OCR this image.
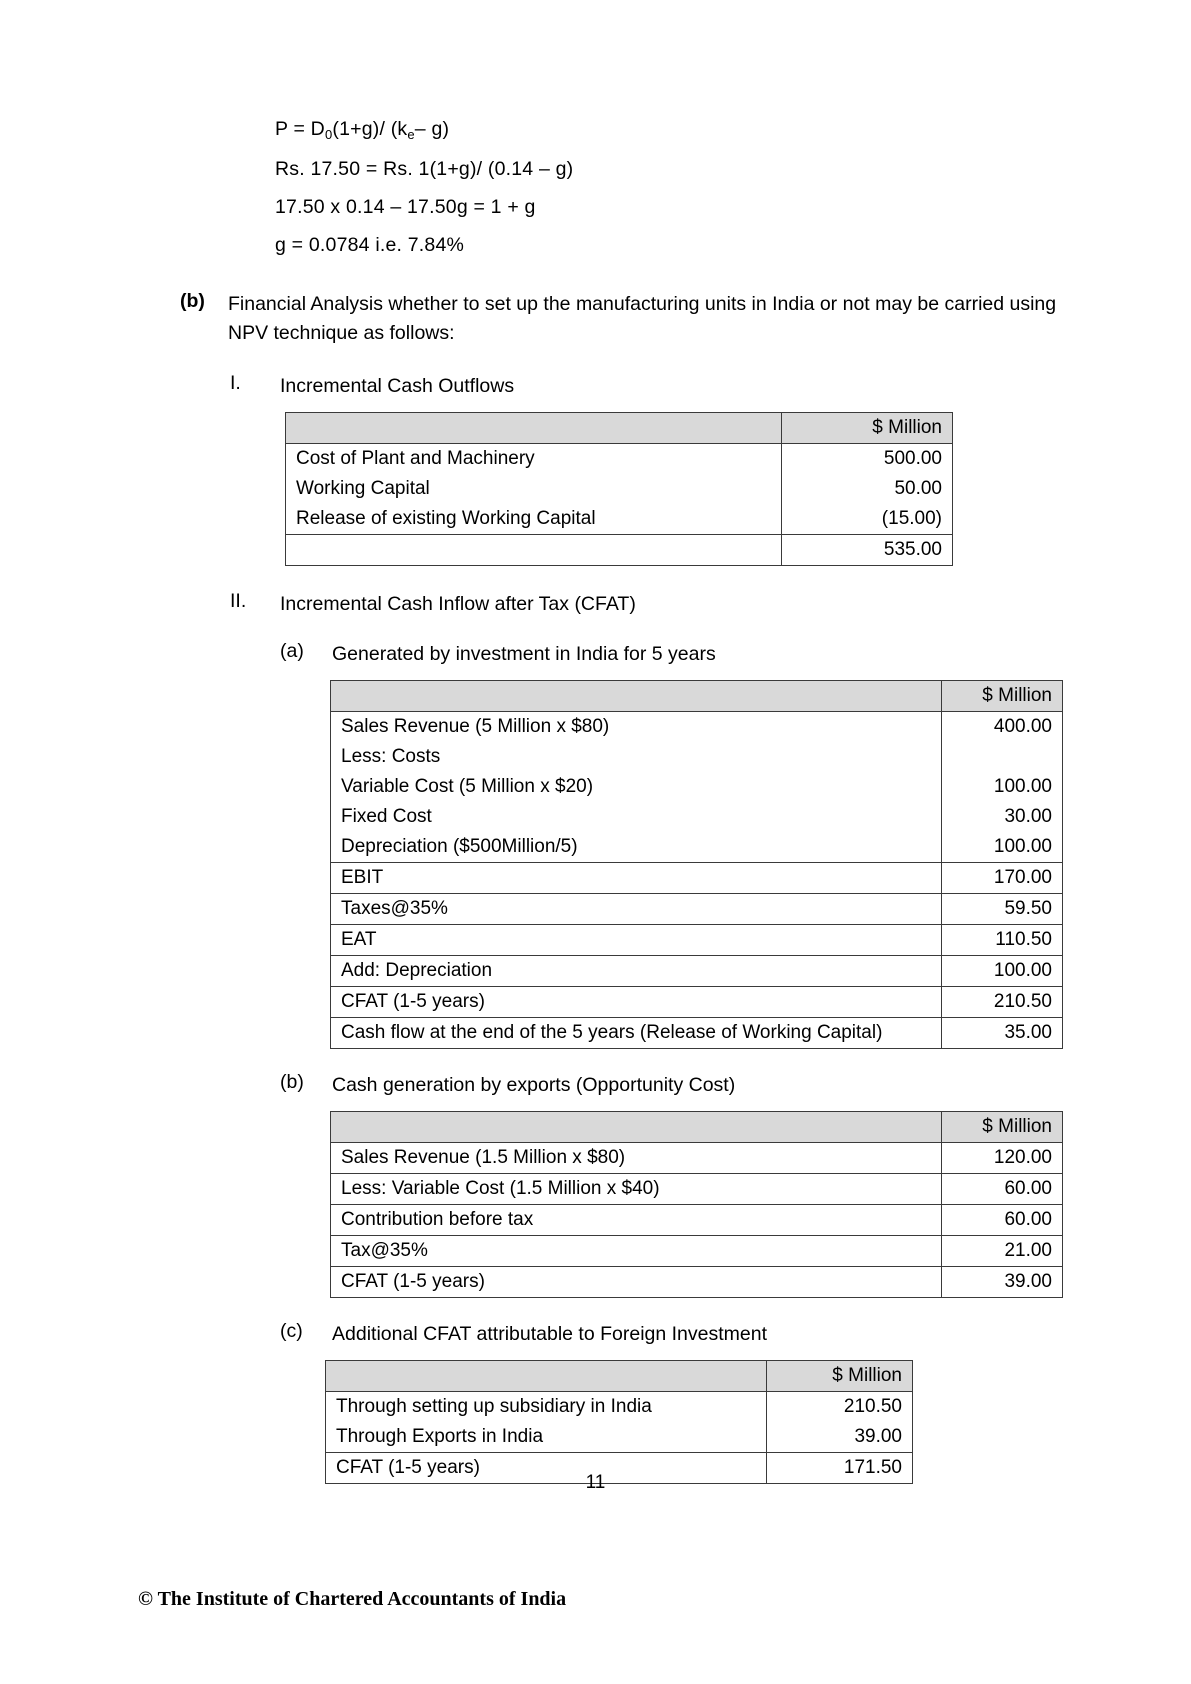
$P = D_0(1+g)/$ ($k_e-$ g)
Rs. 17.50 = Rs. 1(1+g)/ (0.14 – g)
17.50 x 0.14 – 17.50g = 1 + g
g = 0.0784 i.e. 7.84%
(b)	Financial Analysis whether to set up the manufacturing units in India or not may be carried using NPV technique as follows:
I.	Incremental Cash Outflows
	$ Million
Cost of Plant and Machinery	500.00
Working Capital	50.00
Release of existing Working Capital	(15.00)
	535.00
II.	Incremental Cash Inflow after Tax (CFAT)
(a)	Generated by investment in India for 5 years
	$ Million
Sales Revenue (5 Million x $80)	400.00
Less: Costs	
Variable Cost (5 Million x $20)	100.00
Fixed Cost	30.00
Depreciation ($500Million/5)	100.00
EBIT	170.00
Taxes@35%	59.50
EAT	110.50
Add: Depreciation	100.00
CFAT (1-5 years)	210.50
Cash flow at the end of the 5 years (Release of Working Capital)	35.00
(b)	Cash generation by exports (Opportunity Cost)
	$ Million
Sales Revenue (1.5 Million x $80)	120.00
Less: Variable Cost (1.5 Million x $40)	60.00
Contribution before tax	60.00
Tax@35%	21.00
CFAT (1-5 years)	39.00
(c)	Additional CFAT attributable to Foreign Investment
	$ Million
Through setting up subsidiary in India	210.50
Through Exports in India	39.00
CFAT (1-5 years)	171.50
11
© The Institute of Chartered Accountants of India
